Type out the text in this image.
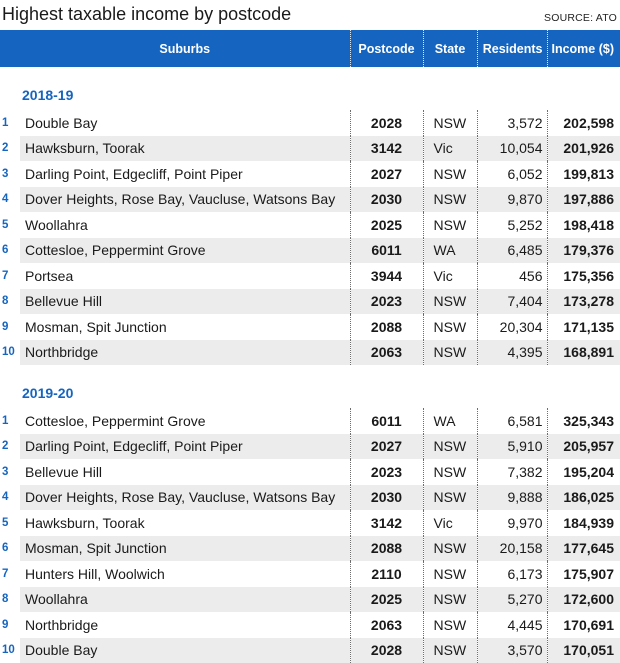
Highest taxable income by postcode	SOURCE: ATO
	Suburbs	Postcode	State	Residents	Income ($)

2018-19					

1	Double Bay	2028	NSW	3,572	202,598
2	Hawksburn, Toorak	3142	Vic	10,054	201,926
3	Darling Point, Edgecliff, Point Piper	2027	NSW	6,052	199,813
4	Dover Heights, Rose Bay, Vaucluse, Watsons Bay	2030	NSW	9,870	197,886
5	Woollahra	2025	NSW	5,252	198,418
6	Cottesloe, Peppermint Grove	6011	WA	6,485	179,376
7	Portsea	3944	Vic	456	175,356
8	Bellevue Hill	2023	NSW	7,404	173,278
9	Mosman, Spit Junction	2088	NSW	20,304	171,135
10	Northbridge	2063	NSW	4,395	168,891

2019-20					

1	Cottesloe, Peppermint Grove	6011	WA	6,581	325,343
2	Darling Point, Edgecliff, Point Piper	2027	NSW	5,910	205,957
3	Bellevue Hill	2023	NSW	7,382	195,204
4	Dover Heights, Rose Bay, Vaucluse, Watsons Bay	2030	NSW	9,888	186,025
5	Hawksburn, Toorak	3142	Vic	9,970	184,939
6	Mosman, Spit Junction	2088	NSW	20,158	177,645
7	Hunters Hill, Woolwich	2110	NSW	6,173	175,907
8	Woollahra	2025	NSW	5,270	172,600
9	Northbridge	2063	NSW	4,445	170,691
10	Double Bay	2028	NSW	3,570	170,051
